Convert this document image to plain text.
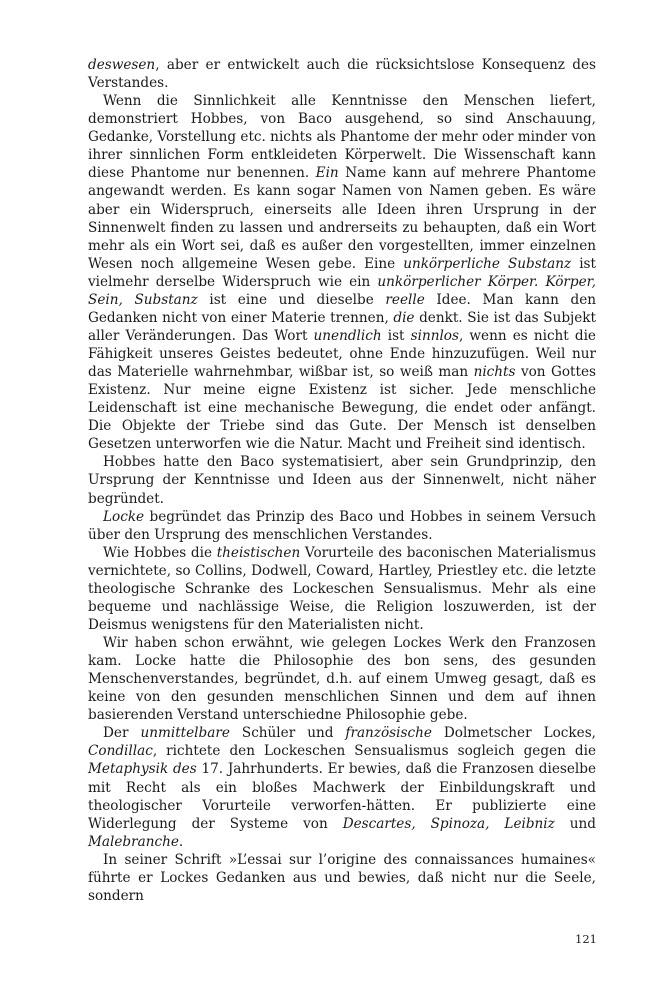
deswesen, aber er entwickelt auch die rücksichtslose Konsequenz des Verstandes.

Wenn die Sinnlichkeit alle Kenntnisse den Menschen liefert, demonstriert Hobbes, von Baco ausgehend, so sind Anschauung, Gedanke, Vorstellung etc. nichts als Phantome der mehr oder minder von ihrer sinnlichen Form entkleideten Körperwelt. Die Wissenschaft kann diese Phantome nur benennen. Ein Name kann auf mehrere Phantome angewandt werden. Es kann sogar Namen von Namen geben. Es wäre aber ein Widerspruch, einerseits alle Ideen ihren Ursprung in der Sinnenwelt finden zu lassen und andrerseits zu behaupten, daß ein Wort mehr als ein Wort sei, daß es außer den vorgestellten, immer einzelnen Wesen noch allgemeine Wesen gebe. Eine unkörperliche Substanz ist vielmehr derselbe Widerspruch wie ein unkörperlicher Körper. Körper, Sein, Substanz ist eine und dieselbe reelle Idee. Man kann den Gedanken nicht von einer Materie trennen, die denkt. Sie ist das Subjekt aller Veränderungen. Das Wort unendlich ist sinnlos, wenn es nicht die Fähigkeit unseres Geistes bedeutet, ohne Ende hinzuzufügen. Weil nur das Materielle wahrnehmbar, wißbar ist, so weiß man nichts von Gottes Existenz. Nur meine eigne Existenz ist sicher. Jede menschliche Leidenschaft ist eine mechanische Bewegung, die endet oder anfängt. Die Objekte der Triebe sind das Gute. Der Mensch ist denselben Gesetzen unterworfen wie die Natur. Macht und Freiheit sind identisch.

Hobbes hatte den Baco systematisiert, aber sein Grundprinzip, den Ursprung der Kenntnisse und Ideen aus der Sinnenwelt, nicht näher begründet.

Locke begründet das Prinzip des Baco und Hobbes in seinem Versuch über den Ursprung des menschlichen Verstandes.

Wie Hobbes die theistischen Vorurteile des baconischen Materialismus vernichtete, so Collins, Dodwell, Coward, Hartley, Priestley etc. die letzte theologische Schranke des Lockeschen Sensualismus. Mehr als eine bequeme und nachlässige Weise, die Religion loszuwerden, ist der Deismus wenigstens für den Materialisten nicht.

Wir haben schon erwähnt, wie gelegen Lockes Werk den Franzosen kam. Locke hatte die Philosophie des bon sens, des gesunden Menschenverstandes, begründet, d.h. auf einem Umweg gesagt, daß es keine von den gesunden menschlichen Sinnen und dem auf ihnen basierenden Verstand unterschiedne Philosophie gebe.

Der unmittelbare Schüler und französische Dolmetscher Lockes, Condillac, richtete den Lockeschen Sensualismus sogleich gegen die Metaphysik des 17. Jahrhunderts. Er bewies, daß die Franzosen dieselbe mit Recht als ein bloßes Machwerk der Einbildungskraft und theologischer Vorurteile verworfen-hätten. Er publizierte eine Widerlegung der Systeme von Descartes, Spinoza, Leibniz und Malebranche.

In seiner Schrift »L’essai sur l’origine des connaissances humaines« führte er Lockes Gedanken aus und bewies, daß nicht nur die Seele, sondern

121
